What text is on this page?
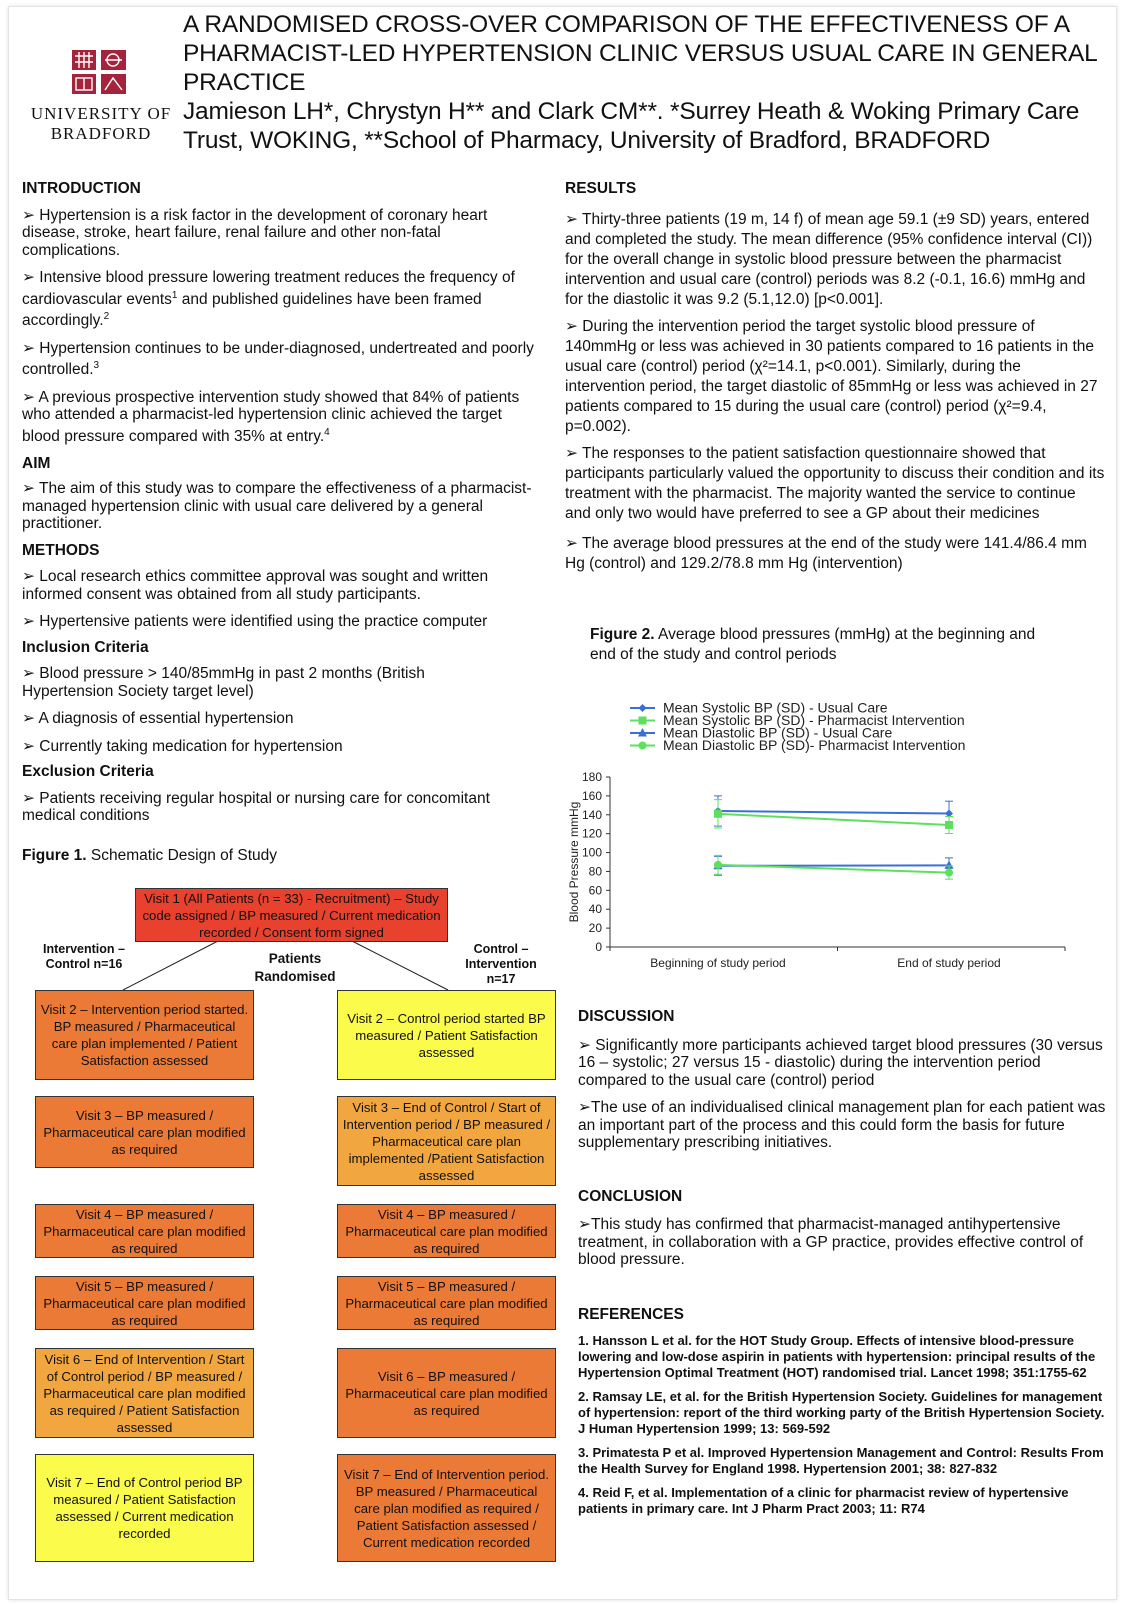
UNIVERSITY OF
BRADFORD
A RANDOMISED CROSS-OVER COMPARISON OF THE EFFECTIVENESS OF A PHARMACIST-LED HYPERTENSION CLINIC VERSUS USUAL CARE IN GENERAL PRACTICE
Jamieson LH*, Chrystyn H** and Clark CM**. *Surrey Heath & Woking Primary Care Trust, WOKING, **School of Pharmacy, University of Bradford, BRADFORD
INTRODUCTION

➢ Hypertension is a risk factor in the development of coronary heart disease, stroke, heart failure, renal failure and other non-fatal complications.

➢ Intensive blood pressure lowering treatment reduces the frequency of cardiovascular events$^1$ and published guidelines have been framed accordingly.$^2$

➢ Hypertension continues to be under-diagnosed, undertreated and poorly controlled.$^3$

➢ A previous prospective intervention study showed that 84% of patients who attended a pharmacist-led hypertension clinic achieved the target blood pressure compared with 35% at entry.$^4$

AIM

➢ The aim of this study was to compare the effectiveness of a pharmacist-managed hypertension clinic with usual care delivered by a general practitioner.

METHODS

➢ Local research ethics committee approval was sought and written informed consent was obtained from all study participants.

➢ Hypertensive patients were identified using the practice computer

Inclusion Criteria

➢ Blood pressure > 140/85mmHg in past 2 months (British Hypertension Society target level)

➢ A diagnosis of essential hypertension

➢ Currently taking medication for hypertension

Exclusion Criteria

➢ Patients receiving regular hospital or nursing care for concomitant medical conditions

Figure 1. Schematic Design of Study
Visit 1 (All Patients (n = 33) - Recruitment) – Study code assigned / BP measured / Current medication recorded / Consent form signed
Intervention – Control n=16	Patients Randomised
Control – Intervention n=17
Visit 2 – Intervention period started. BP measured / Pharmaceutical care plan implemented / Patient Satisfaction assessed
Visit 3 – BP measured / Pharmaceutical care plan modified as required
Visit 4 – BP measured / Pharmaceutical care plan modified as required
Visit 5 – BP measured / Pharmaceutical care plan modified as required
Visit 6 – End of Intervention / Start of Control period / BP measured / Pharmaceutical care plan modified as required / Patient Satisfaction assessed
Visit 7 – End of Control period BP measured / Patient Satisfaction assessed / Current medication recorded
Visit 2 – Control period started BP measured / Patient Satisfaction assessed
Visit 3 – End of Control / Start of Intervention period / BP measured / Pharmaceutical care plan implemented /Patient Satisfaction assessed
Visit 4 – BP measured / Pharmaceutical care plan modified as required
Visit 5 – BP measured / Pharmaceutical care plan modified as required
Visit 6 – BP measured / Pharmaceutical care plan modified as required
Visit 7 – End of Intervention period. BP measured / Pharmaceutical care plan modified as required / Patient Satisfaction assessed / Current medication recorded
RESULTS

➢ Thirty-three patients (19 m, 14 f) of mean age 59.1 (±9 SD) years, entered and completed the study. The mean difference (95% confidence interval (CI)) for the overall change in systolic blood pressure between the pharmacist intervention and usual care (control) periods was 8.2 (-0.1, 16.6) mmHg and for the diastolic it was 9.2 (5.1,12.0) [p<0.001].

➢ During the intervention period the target systolic blood pressure of 140mmHg or less was achieved in 30 patients compared to 16 patients in the usual care (control) period (χ²=14.1, p<0.001). Similarly, during the intervention period, the target diastolic of 85mmHg or less was achieved in 27 patients compared to 15 during the usual care (control) period (χ²=9.4, p=0.002).

➢ The responses to the patient satisfaction questionnaire showed that participants particularly valued the opportunity to discuss their condition and its treatment with the pharmacist. The majority wanted the service to continue and only two would have preferred to see a GP about their medicines

➢ The average blood pressures at the end of the study were 141.4/86.4 mm Hg (control) and 129.2/78.8 mm Hg (intervention)

Figure 2. Average blood pressures (mmHg) at the beginning and end of the study and control periods
0
20
40
60
80
100
120
140
160
180
Beginning of study period	End of study period
Blood Pressure mmHg
Mean Systolic BP (SD) - Usual Care
Mean Systolic BP (SD) - Pharmacist Intervention
Mean Diastolic BP (SD) - Usual Care
Mean Diastolic BP (SD)- Pharmacist Intervention
DISCUSSION

➢ Significantly more participants achieved target blood pressures (30 versus 16 – systolic; 27 versus 15 - diastolic) during the intervention period compared to the usual care (control) period

➢The use of an individualised clinical management plan for each patient was an important part of the process and this could form the basis for future supplementary prescribing initiatives.

CONCLUSION

➢This study has confirmed that pharmacist-managed antihypertensive treatment, in collaboration with a GP practice, provides effective control of blood pressure.

REFERENCES

1. Hansson L et al. for the HOT Study Group. Effects of intensive blood-pressure lowering and low-dose aspirin in patients with hypertension: principal results of the Hypertension Optimal Treatment (HOT) randomised trial. Lancet 1998; 351:1755-62

2. Ramsay LE, et al. for the British Hypertension Society. Guidelines for management of hypertension: report of the third working party of the British Hypertension Society. J Human Hypertension 1999; 13: 569-592

3. Primatesta P et al. Improved Hypertension Management and Control: Results From the Health Survey for England 1998. Hypertension 2001; 38: 827-832

4. Reid F, et al. Implementation of a clinic for pharmacist review of hypertensive patients in primary care. Int J Pharm Pract 2003; 11: R74
